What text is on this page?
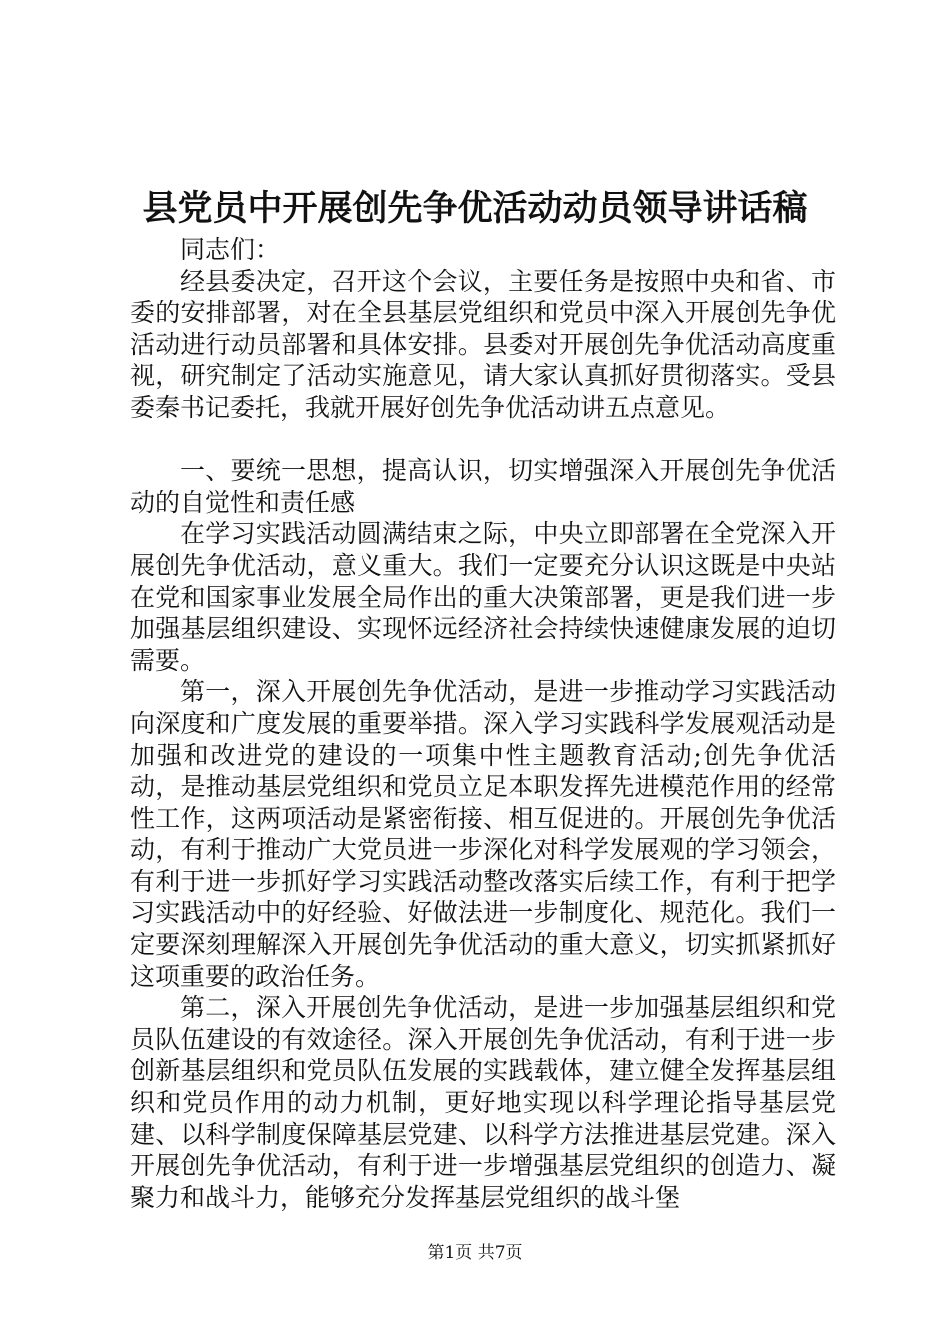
县党员中开展创先争优活动动员领导讲话稿

同志们：

经县委决定，召开这个会议，主要任务是按照中央和省、市委的安排部署，对在全县基层党组织和党员中深入开展创先争优活动进行动员部署和具体安排。县委对开展创先争优活动高度重视，研究制定了活动实施意见，请大家认真抓好贯彻落实。受县委秦书记委托，我就开展好创先争优活动讲五点意见。

一、要统一思想，提高认识，切实增强深入开展创先争优活动的自觉性和责任感

在学习实践活动圆满结束之际，中央立即部署在全党深入开展创先争优活动，意义重大。我们一定要充分认识这既是中央站在党和国家事业发展全局作出的重大决策部署，更是我们进一步加强基层组织建设、实现怀远经济社会持续快速健康发展的迫切需要。

第一，深入开展创先争优活动，是进一步推动学习实践活动向深度和广度发展的重要举措。深入学习实践科学发展观活动是加强和改进党的建设的一项集中性主题教育活动;创先争优活动，是推动基层党组织和党员立足本职发挥先进模范作用的经常性工作，这两项活动是紧密衔接、相互促进的。开展创先争优活动，有利于推动广大党员进一步深化对科学发展观的学习领会，有利于进一步抓好学习实践活动整改落实后续工作，有利于把学习实践活动中的好经验、好做法进一步制度化、规范化。我们一定要深刻理解深入开展创先争优活动的重大意义，切实抓紧抓好这项重要的政治任务。

第二，深入开展创先争优活动，是进一步加强基层组织和党员队伍建设的有效途径。深入开展创先争优活动，有利于进一步创新基层组织和党员队伍发展的实践载体，建立健全发挥基层组织和党员作用的动力机制，更好地实现以科学理论指导基层党建、以科学制度保障基层党建、以科学方法推进基层党建。深入开展创先争优活动，有利于进一步增强基层党组织的创造力、凝聚力和战斗力，能够充分发挥基层党组织的战斗堡

第1页 共7页
